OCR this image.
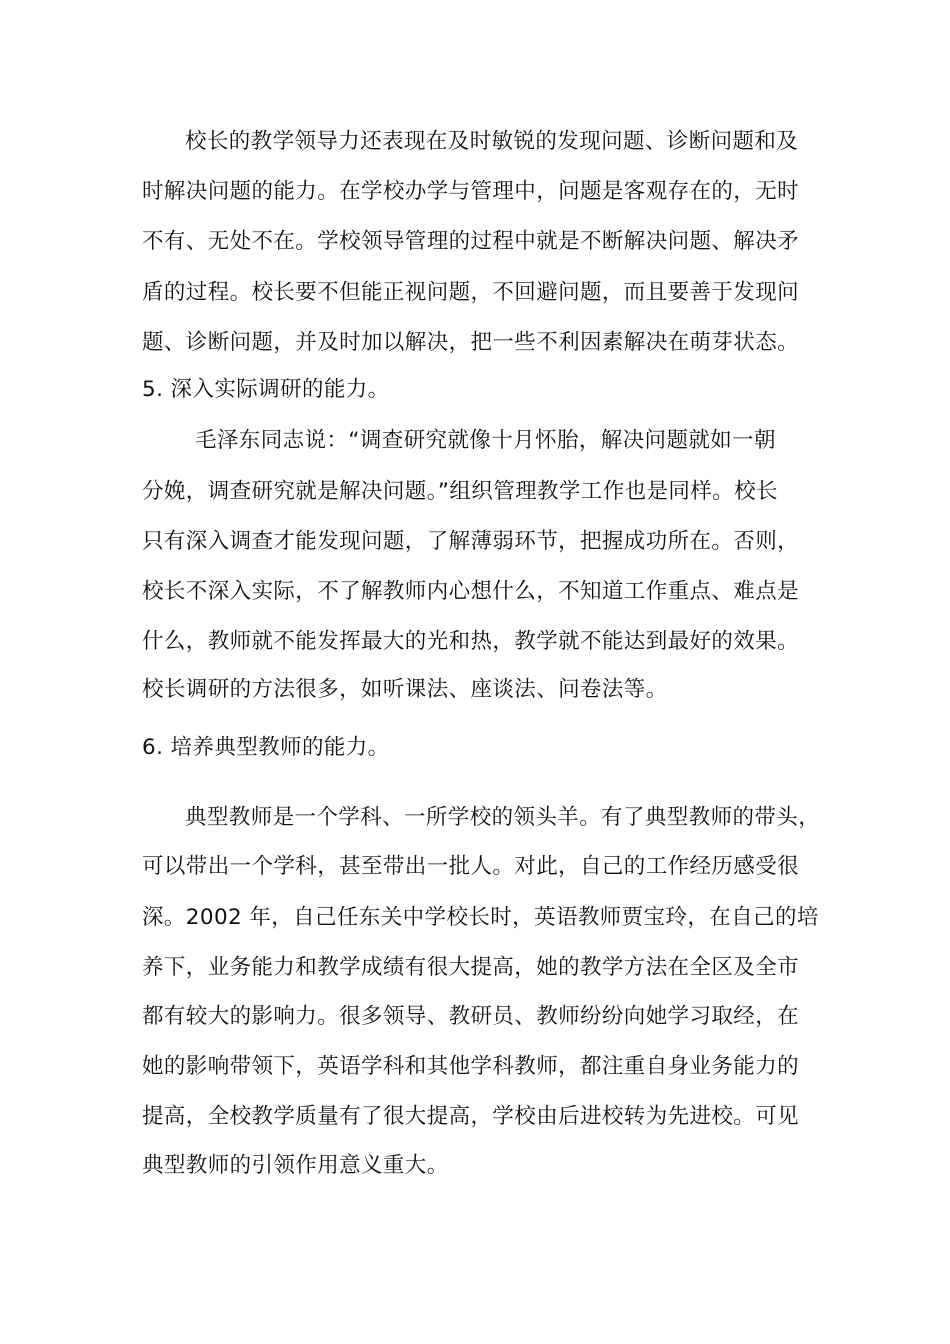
校长的教学领导力还表现在及时敏锐的发现问题、诊断问题和及
时解决问题的能力。在学校办学与管理中，问题是客观存在的，无时
不有、无处不在。学校领导管理的过程中就是不断解决问题、解决矛
盾的过程。校长要不但能正视问题，不回避问题，而且要善于发现问
题、诊断问题，并及时加以解决，把一些不利因素解决在萌芽状态。
5. 深入实际调研的能力。
毛泽东同志说：“调查研究就像十月怀胎，解决问题就如一朝
分娩，调查研究就是解决问题。”组织管理教学工作也是同样。校长
只有深入调查才能发现问题，了解薄弱环节，把握成功所在。否则，
校长不深入实际，不了解教师内心想什么，不知道工作重点、难点是
什么，教师就不能发挥最大的光和热，教学就不能达到最好的效果。
校长调研的方法很多，如听课法、座谈法、问卷法等。
6. 培养典型教师的能力。
典型教师是一个学科、一所学校的领头羊。有了典型教师的带头，
可以带出一个学科，甚至带出一批人。对此，自己的工作经历感受很
深。2002 年，自己任东关中学校长时，英语教师贾宝玲，在自己的培
养下，业务能力和教学成绩有很大提高，她的教学方法在全区及全市
都有较大的影响力。很多领导、教研员、教师纷纷向她学习取经，在
她的影响带领下，英语学科和其他学科教师，都注重自身业务能力的
提高，全校教学质量有了很大提高，学校由后进校转为先进校。可见
典型教师的引领作用意义重大。
